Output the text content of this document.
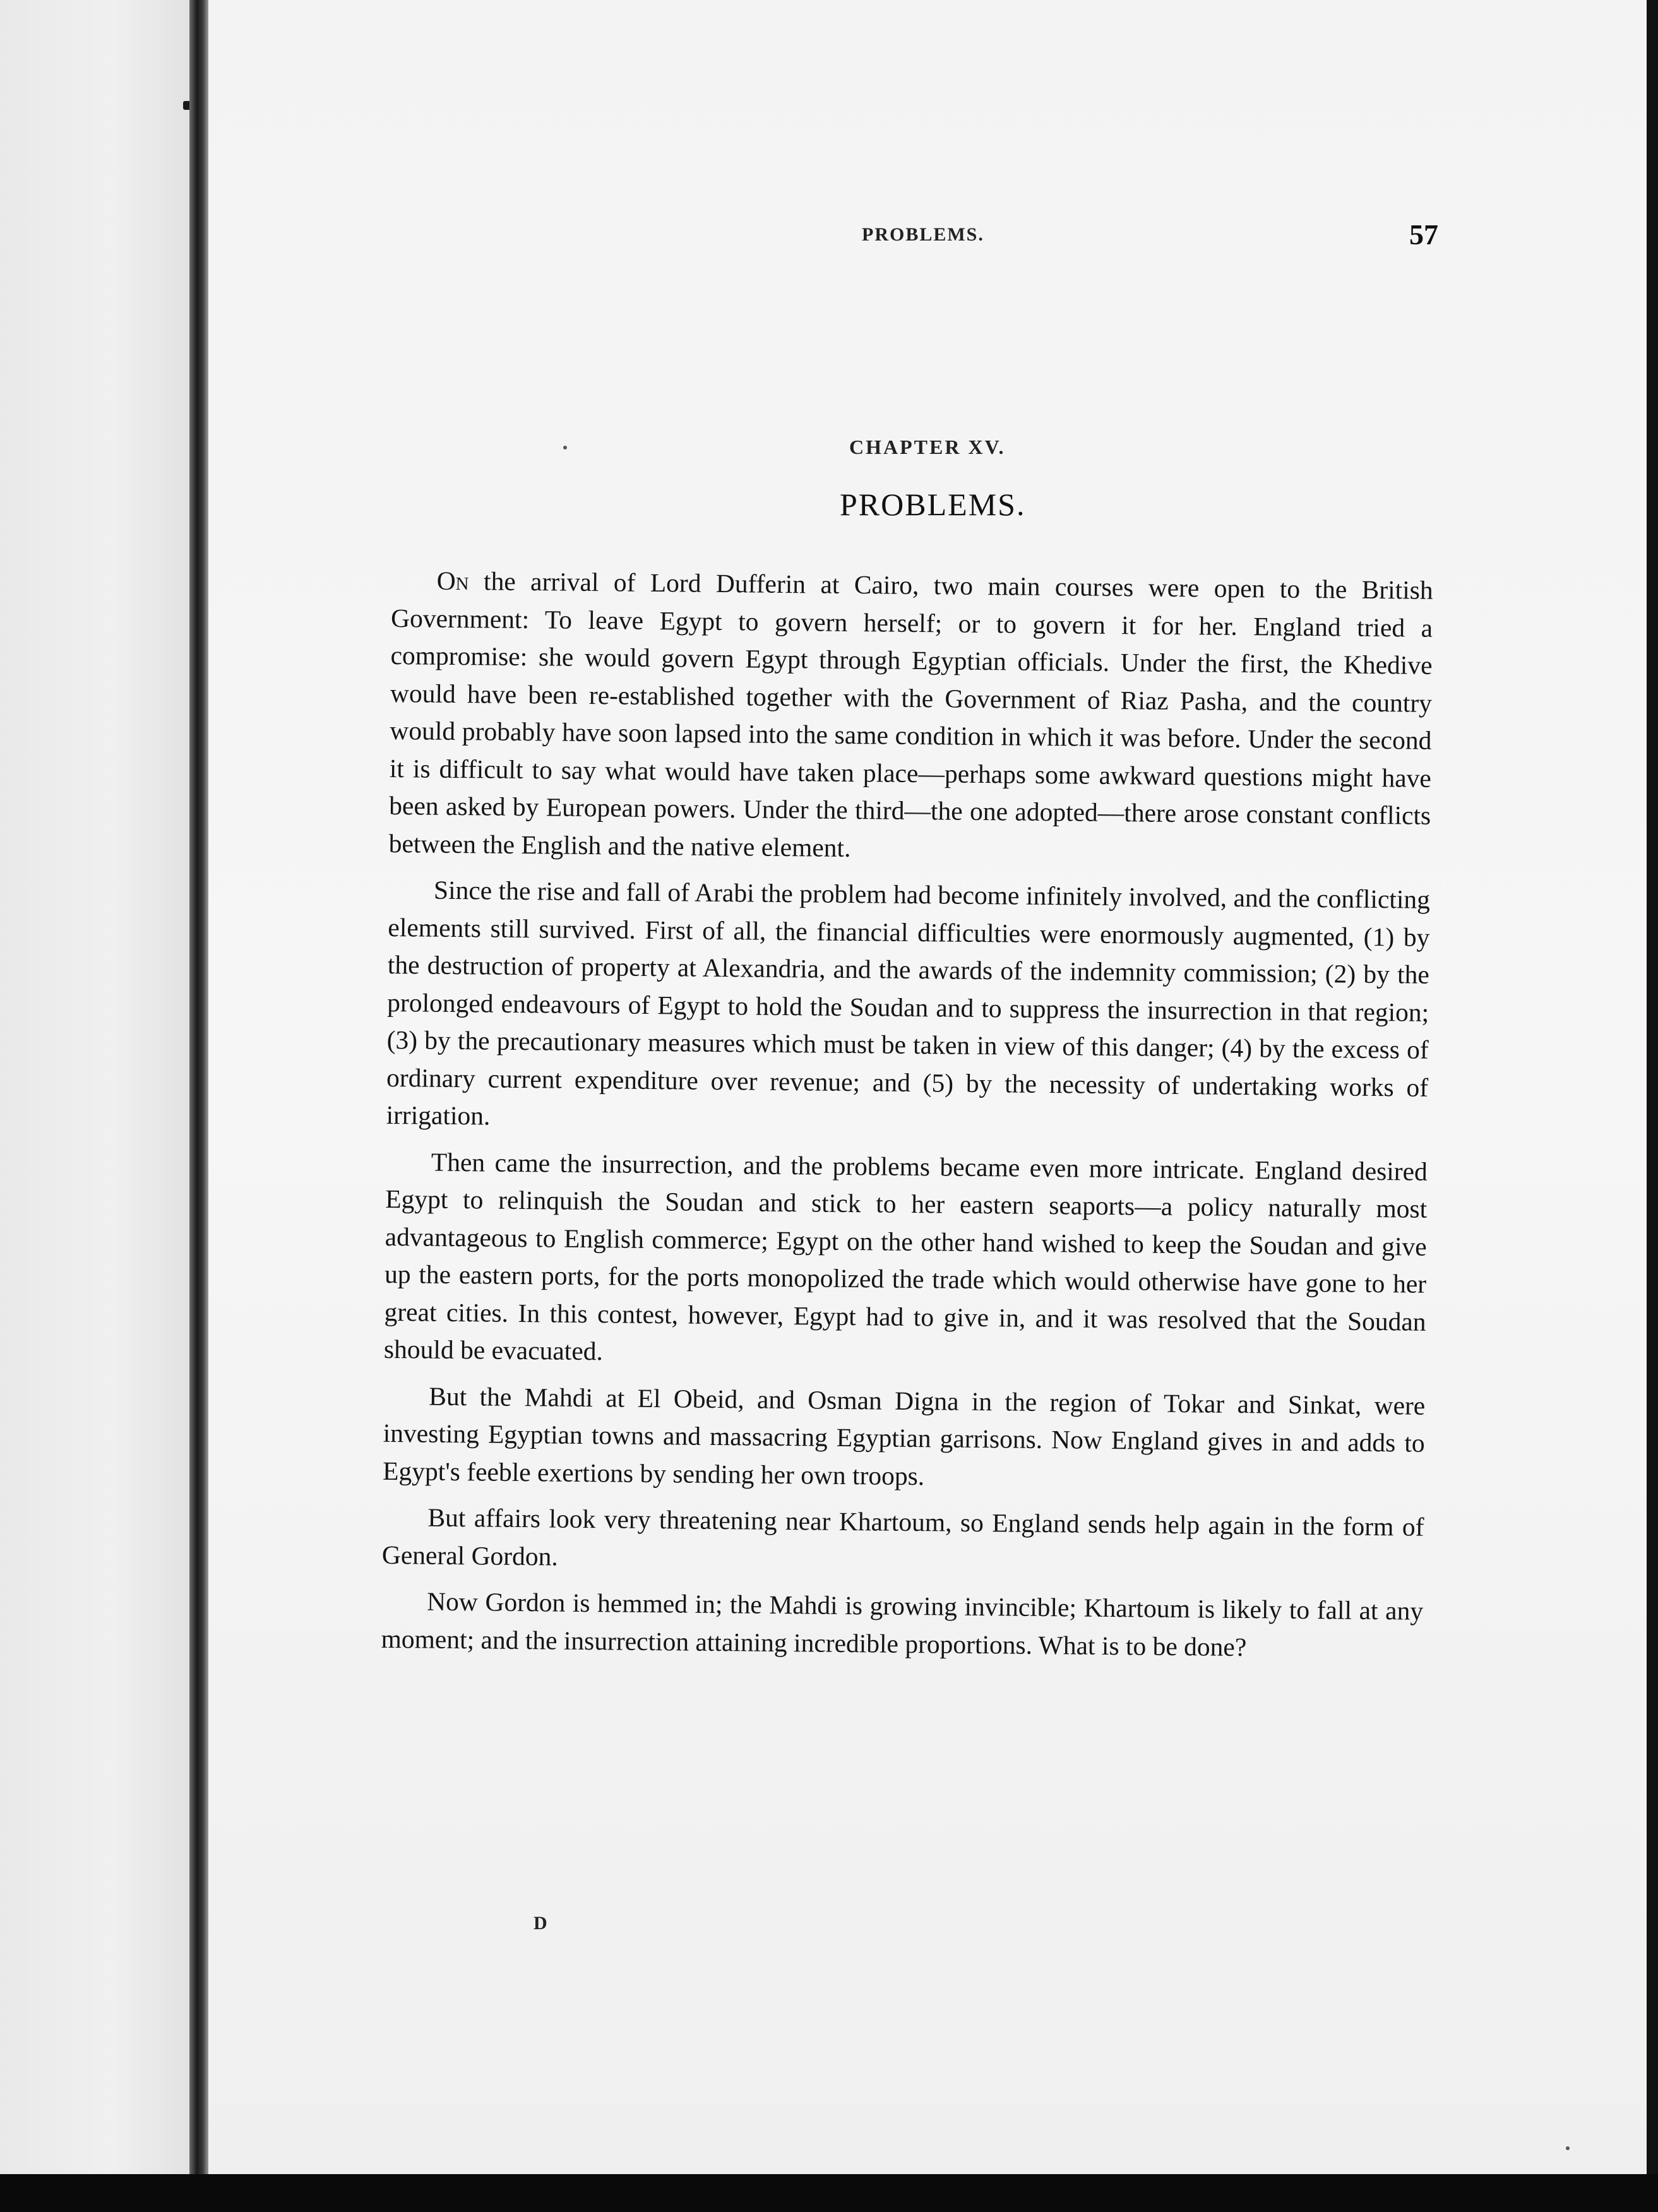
PROBLEMS.	57
CHAPTER XV.
PROBLEMS.

On the arrival of Lord Dufferin at Cairo, two main courses were open to the British Government: To leave Egypt to govern herself; or to govern it for her. England tried a compromise: she would govern Egypt through Egyptian officials. Under the first, the Khedive would have been re-established together with the Government of Riaz Pasha, and the country would probably have soon lapsed into the same condition in which it was before. Under the second it is difficult to say what would have taken place—perhaps some awkward questions might have been asked by European powers. Under the third—the one adopted—there arose constant conflicts between the English and the native element.

Since the rise and fall of Arabi the problem had become infinitely involved, and the conflicting elements still survived. First of all, the financial difficulties were enormously augmented, (1) by the destruction of property at Alexandria, and the awards of the indemnity commission; (2) by the prolonged endeavours of Egypt to hold the Soudan and to suppress the insurrection in that region; (3) by the precautionary measures which must be taken in view of this danger; (4) by the excess of ordinary current expenditure over revenue; and (5) by the necessity of undertaking works of irrigation.

Then came the insurrection, and the problems became even more intricate. England desired Egypt to relinquish the Soudan and stick to her eastern seaports—a policy naturally most advantageous to English commerce; Egypt on the other hand wished to keep the Soudan and give up the eastern ports, for the ports monopolized the trade which would otherwise have gone to her great cities. In this contest, however, Egypt had to give in, and it was resolved that the Soudan should be evacuated.

But the Mahdi at El Obeid, and Osman Digna in the region of Tokar and Sinkat, were investing Egyptian towns and massacring Egyptian garrisons. Now England gives in and adds to Egypt's feeble exertions by sending her own troops.

But affairs look very threatening near Khartoum, so England sends help again in the form of General Gordon.

Now Gordon is hemmed in; the Mahdi is growing invincible; Khartoum is likely to fall at any moment; and the insurrection attaining incredible proportions. What is to be done?

D
